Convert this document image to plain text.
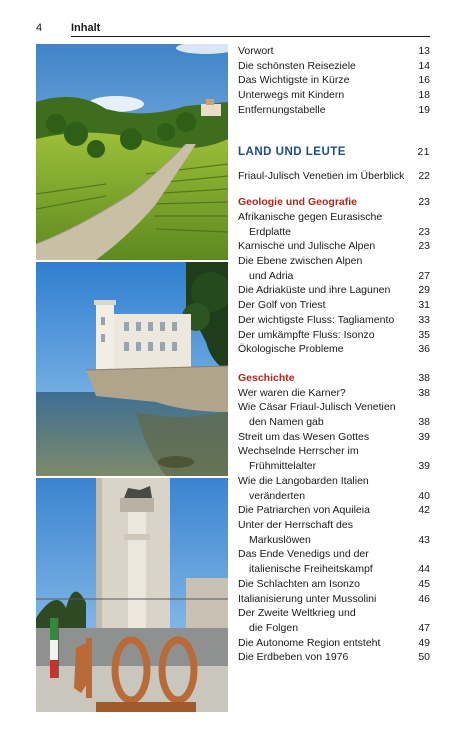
4	Inhalt
Vorwort	13
Die schönsten Reiseziele	14
Das Wichtigste in Kürze	16
Unterwegs mit Kindern	18
Entfernungstabelle	19
LAND UND LEUTE	21
Friaul-Julisch Venetien im Überblick 22
Geologie und Geografie	23
Afrikanische gegen Eurasische
Erdplatte	23
Karnische und Julische Alpen	23
Die Ebene zwischen Alpen
und Adria	27
Die Adriaküste und ihre Lagunen	29
Der Golf von Triest	31
Der wichtigste Fluss: Tagliamento 33
Der umkämpfte Fluss: Isonzo	35
Ökologische Probleme	36
Geschichte	38
Wer waren die Karner?	38
Wie Cäsar Friaul-Julisch Venetien
den Namen gab	38
Streit um das Wesen Gottes	39
Wechselnde Herrscher im
Frühmittelalter	39
Wie die Langobarden Italien
veränderten	40
Die Patriarchen von Aquileia	42
Unter der Herrschaft des
Markuslöwen	43
Das Ende Venedigs und der
italienische Freiheitskampf	44
Die Schlachten am Isonzo	45
Italianisierung unter Mussolini	46
Der Zweite Weltkrieg und
die Folgen	47
Die Autonome Region entsteht	49
Die Erdbeben von 1976	50
